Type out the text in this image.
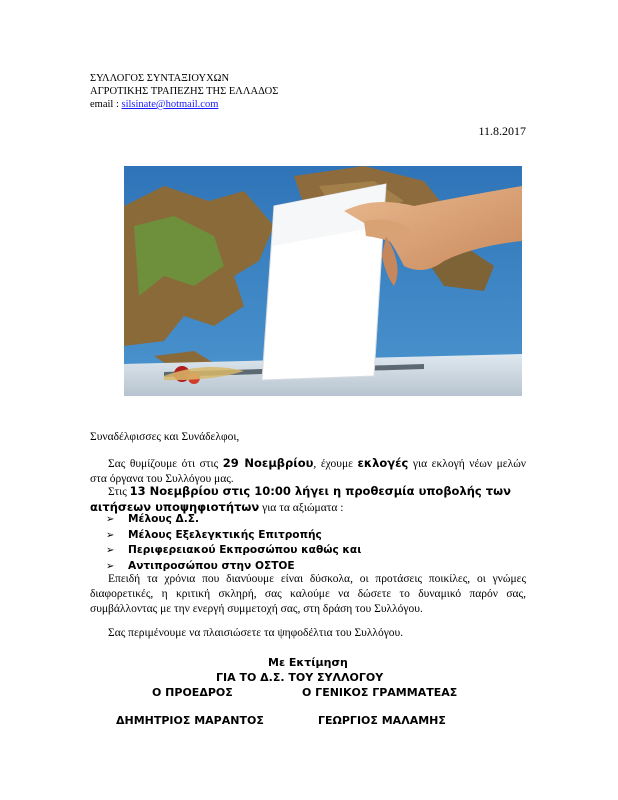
ΣΥΛΛΟΓΟΣ ΣΥΝΤΑΞΙΟΥΧΩΝ
ΑΓΡΟΤΙΚΗΣ ΤΡΑΠΕΖΗΣ ΤΗΣ ΕΛΛΑΔΟΣ
email : silsinate@hotmail.com
11.8.2017
Συναδέλφισσες και Συνάδελφοι,
Σας θυμίζουμε ότι στις 29 Νοεμβρίου, έχουμε εκλογές για εκλογή νέων μελών στα όργανα του Συλλόγου μας.
Στις 13 Νοεμβρίου στις 10:00 λήγει η προθεσμία υποβολής των αιτήσεων υποψηφιοτήτων για τα αξιώματα :
➢ Μέλους Δ.Σ.
➢ Μέλους Εξελεγκτικής Επιτροπής
➢ Περιφερειακού Εκπροσώπου καθώς και
➢ Αντιπροσώπου στην ΟΣΤΟΕ
Επειδή τα χρόνια που διανύουμε είναι δύσκολα, οι προτάσεις ποικίλες, οι γνώμες διαφορετικές, η κριτική σκληρή, σας καλούμε να δώσετε το δυναμικό παρόν σας, συμβάλλοντας με την ενεργή συμμετοχή σας, στη δράση του Συλλόγου.
Σας περιμένουμε να πλαισιώσετε τα ψηφοδέλτια του Συλλόγου.
Με Εκτίμηση
ΓΙΑ ΤΟ Δ.Σ. ΤΟΥ ΣΥΛΛΟΓΟΥ
Ο ΠΡΟΕΔΡΟΣ	Ο ΓΕΝΙΚΟΣ ΓΡΑΜΜΑΤΕΑΣ
ΔΗΜΗΤΡΙΟΣ ΜΑΡΑΝΤΟΣ	ΓΕΩΡΓΙΟΣ ΜΑΛΑΜΗΣ
